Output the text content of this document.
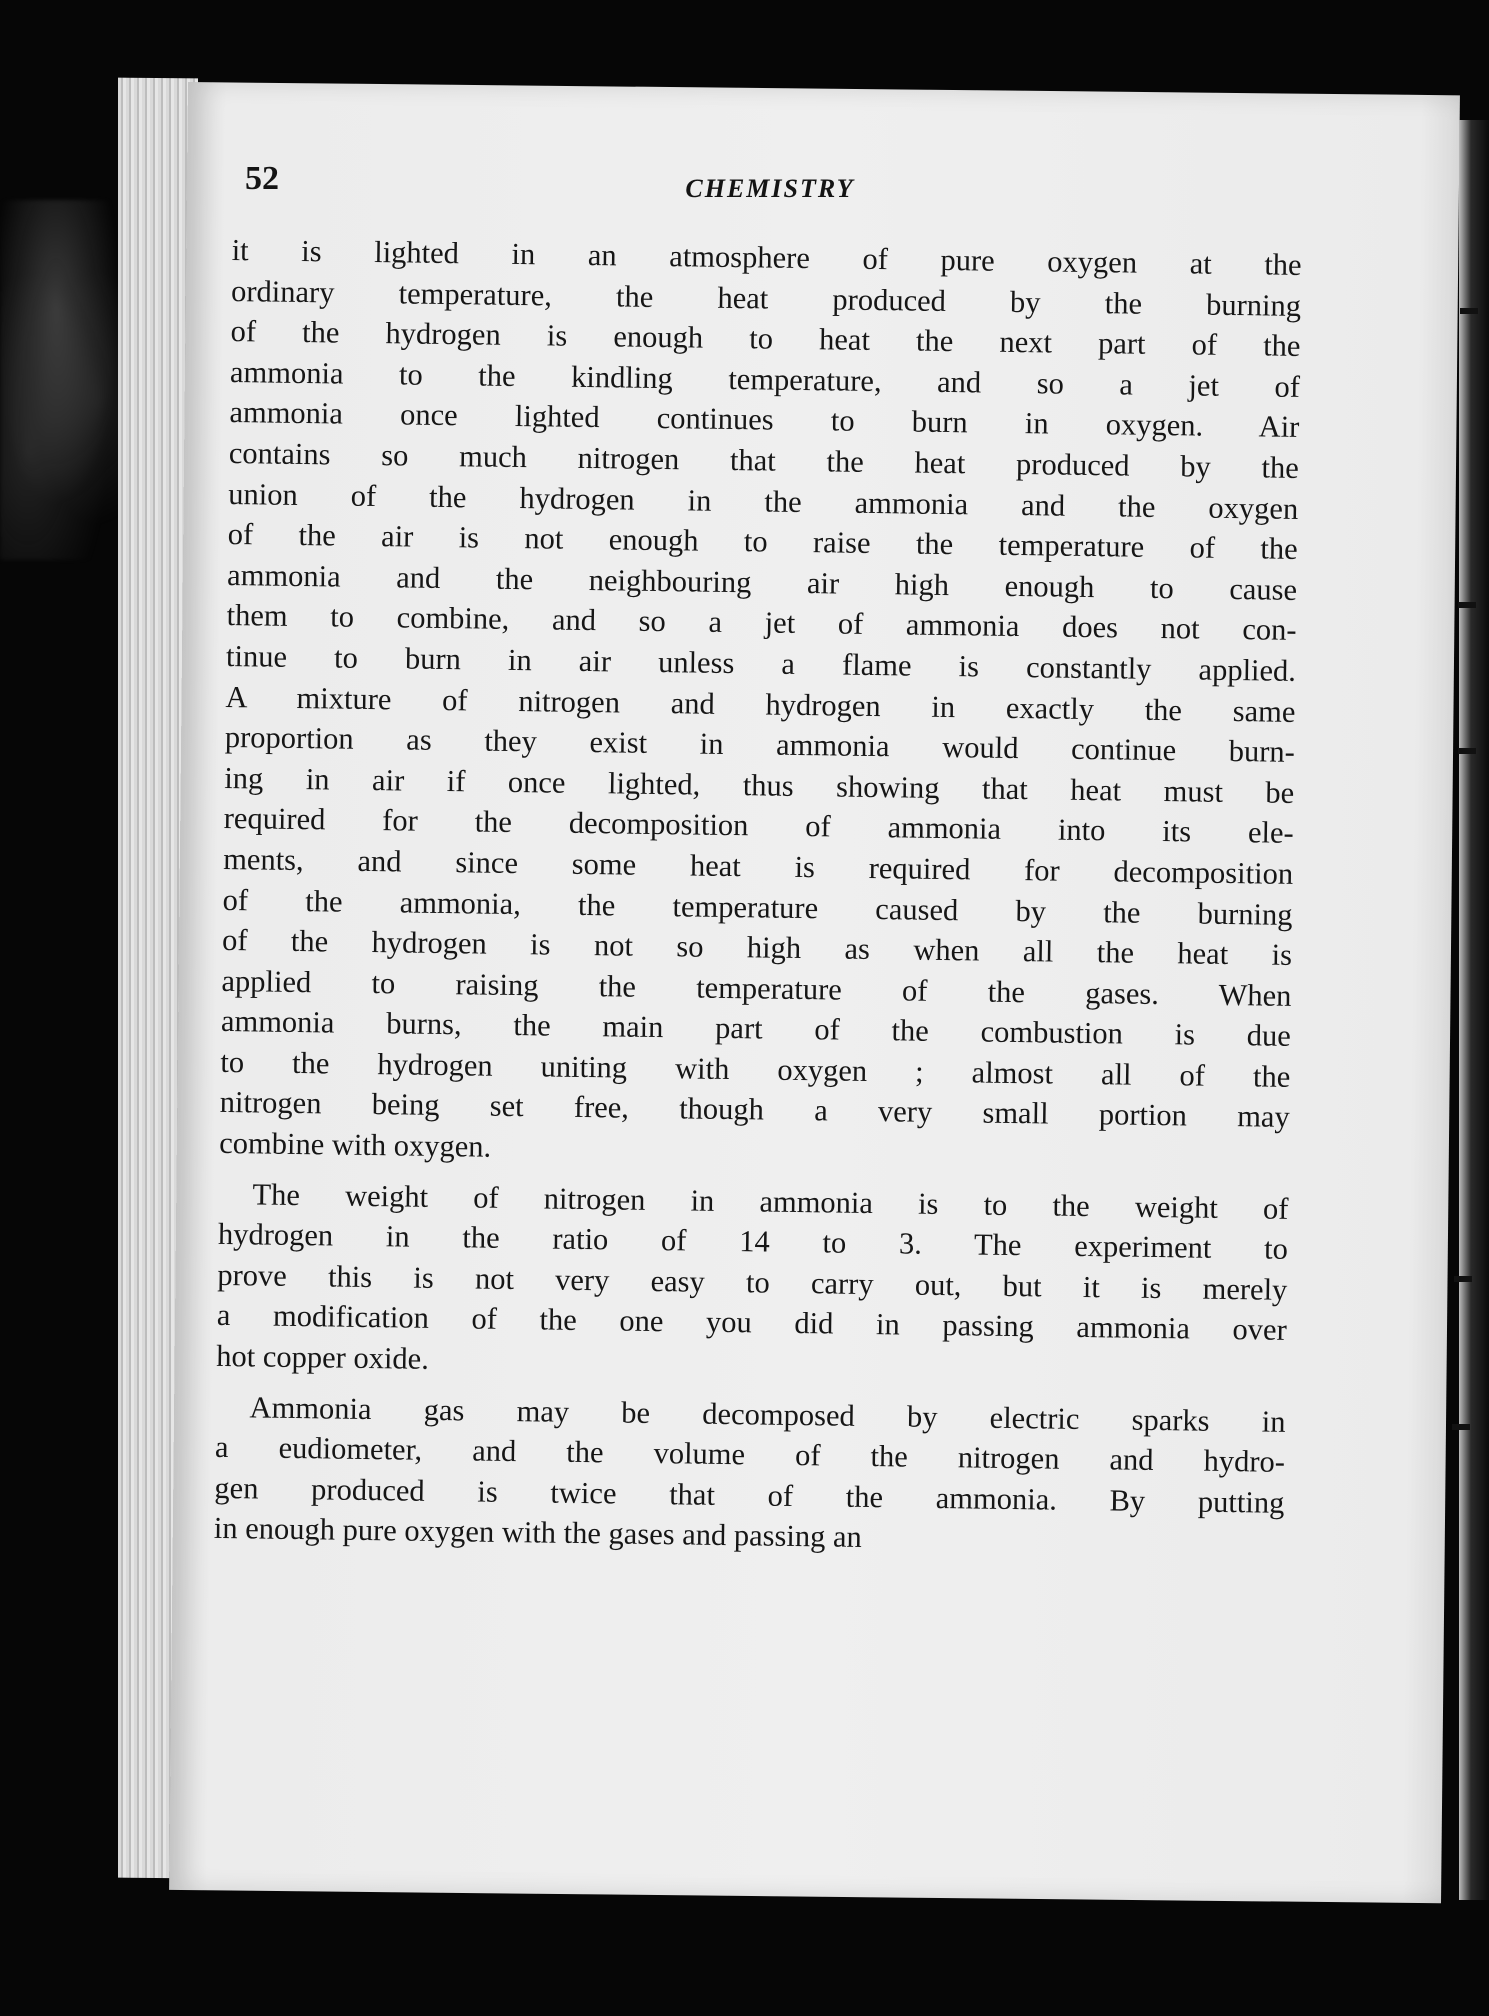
52	CHEMISTRY
it is lighted in an atmosphere of pure oxygen at the
ordinary temperature, the heat produced by the burning
of the hydrogen is enough to heat the next part of the
ammonia to the kindling temperature, and so a jet of
ammonia once lighted continues to burn in oxygen. Air
contains so much nitrogen that the heat produced by the
union of the hydrogen in the ammonia and the oxygen
of the air is not enough to raise the temperature of the
ammonia and the neighbouring air high enough to cause
them to combine, and so a jet of ammonia does not con-
tinue to burn in air unless a flame is constantly applied.
A mixture of nitrogen and hydrogen in exactly the same
proportion as they exist in ammonia would continue burn-
ing in air if once lighted, thus showing that heat must be
required for the decomposition of ammonia into its ele-
ments, and since some heat is required for decomposition
of the ammonia, the temperature caused by the burning
of the hydrogen is not so high as when all the heat is
applied to raising the temperature of the gases. When
ammonia burns, the main part of the combustion is due
to the hydrogen uniting with oxygen ; almost all of the
nitrogen being set free, though a very small portion may
combine with oxygen.
The weight of nitrogen in ammonia is to the weight of
hydrogen in the ratio of 14 to 3. The experiment to
prove this is not very easy to carry out, but it is merely
a modification of the one you did in passing ammonia over
hot copper oxide.
Ammonia gas may be decomposed by electric sparks in
a eudiometer, and the volume of the nitrogen and hydro-
gen produced is twice that of the ammonia. By putting
in enough pure oxygen with the gases and passing an
